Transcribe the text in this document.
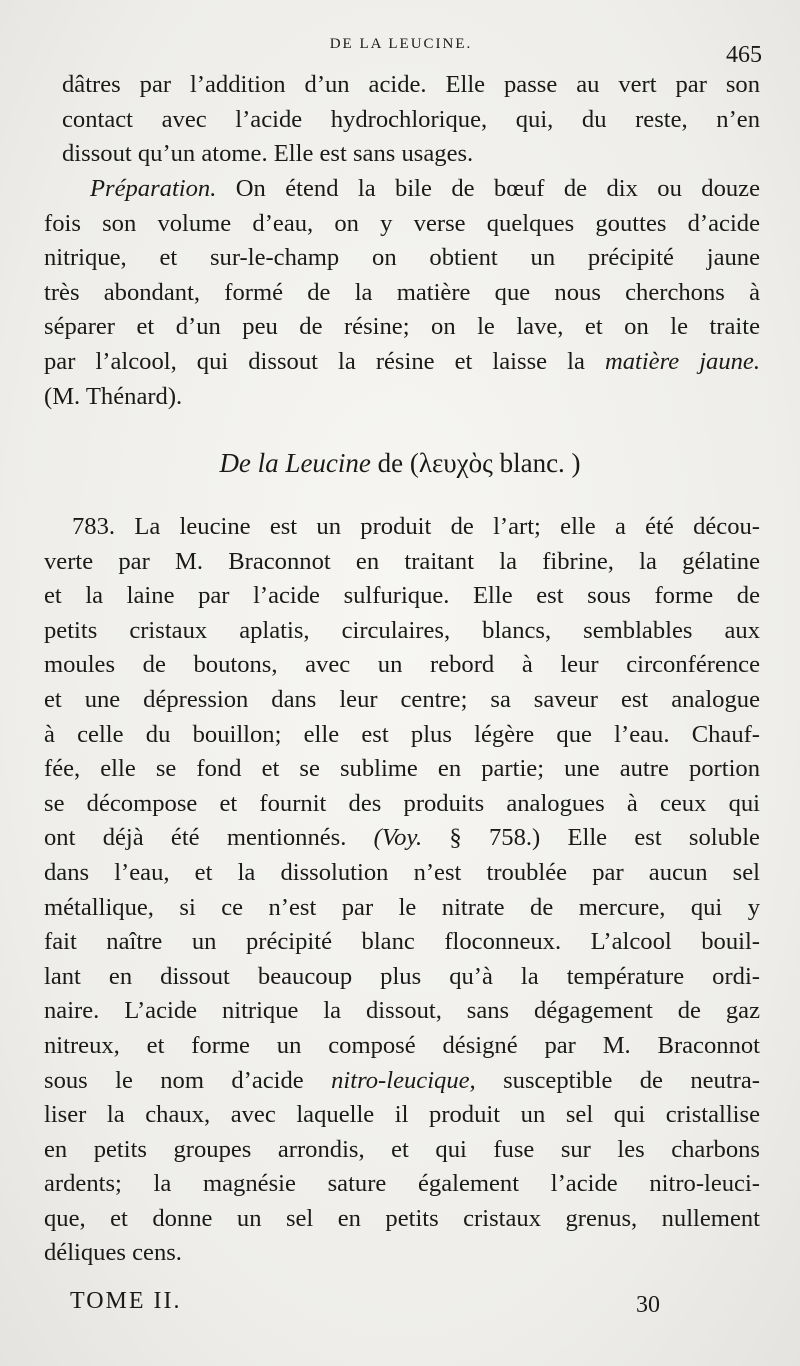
DE LA LEUCINE.	465
dâtres par l’addition d’un acide. Elle passe au vert par son
contact avec l’acide hydrochlorique, qui, du reste, n’en
dissout qu’un atome. Elle est sans usages.
Préparation. On étend la bile de bœuf de dix ou douze
fois son volume d’eau, on y verse quelques gouttes d’acide
nitrique, et sur-le-champ on obtient un précipité jaune
très abondant, formé de la matière que nous cherchons à
séparer et d’un peu de résine; on le lave, et on le traite
par l’alcool, qui dissout la résine et laisse la matière jaune.
(M. Thénard).
De la Leucine de (λευχὸς blanc. )
783. La leucine est un produit de l’art; elle a été décou-
verte par M. Braconnot en traitant la fibrine, la gélatine
et la laine par l’acide sulfurique. Elle est sous forme de
petits cristaux aplatis, circulaires, blancs, semblables aux
moules de boutons, avec un rebord à leur circonférence
et une dépression dans leur centre; sa saveur est analogue
à celle du bouillon; elle est plus légère que l’eau. Chauf-
fée, elle se fond et se sublime en partie; une autre portion
se décompose et fournit des produits analogues à ceux qui
ont déjà été mentionnés. (Voy. § 758.) Elle est soluble
dans l’eau, et la dissolution n’est troublée par aucun sel
métallique, si ce n’est par le nitrate de mercure, qui y
fait naître un précipité blanc floconneux. L’alcool bouil-
lant en dissout beaucoup plus qu’à la température ordi-
naire. L’acide nitrique la dissout, sans dégagement de gaz
nitreux, et forme un composé désigné par M. Braconnot
sous le nom d’acide nitro-leucique, susceptible de neutra-
liser la chaux, avec laquelle il produit un sel qui cristallise
en petits groupes arrondis, et qui fuse sur les charbons
ardents; la magnésie sature également l’acide nitro-leuci-
que, et donne un sel en petits cristaux grenus, nullement
déliques cens.
TOME II.	30
